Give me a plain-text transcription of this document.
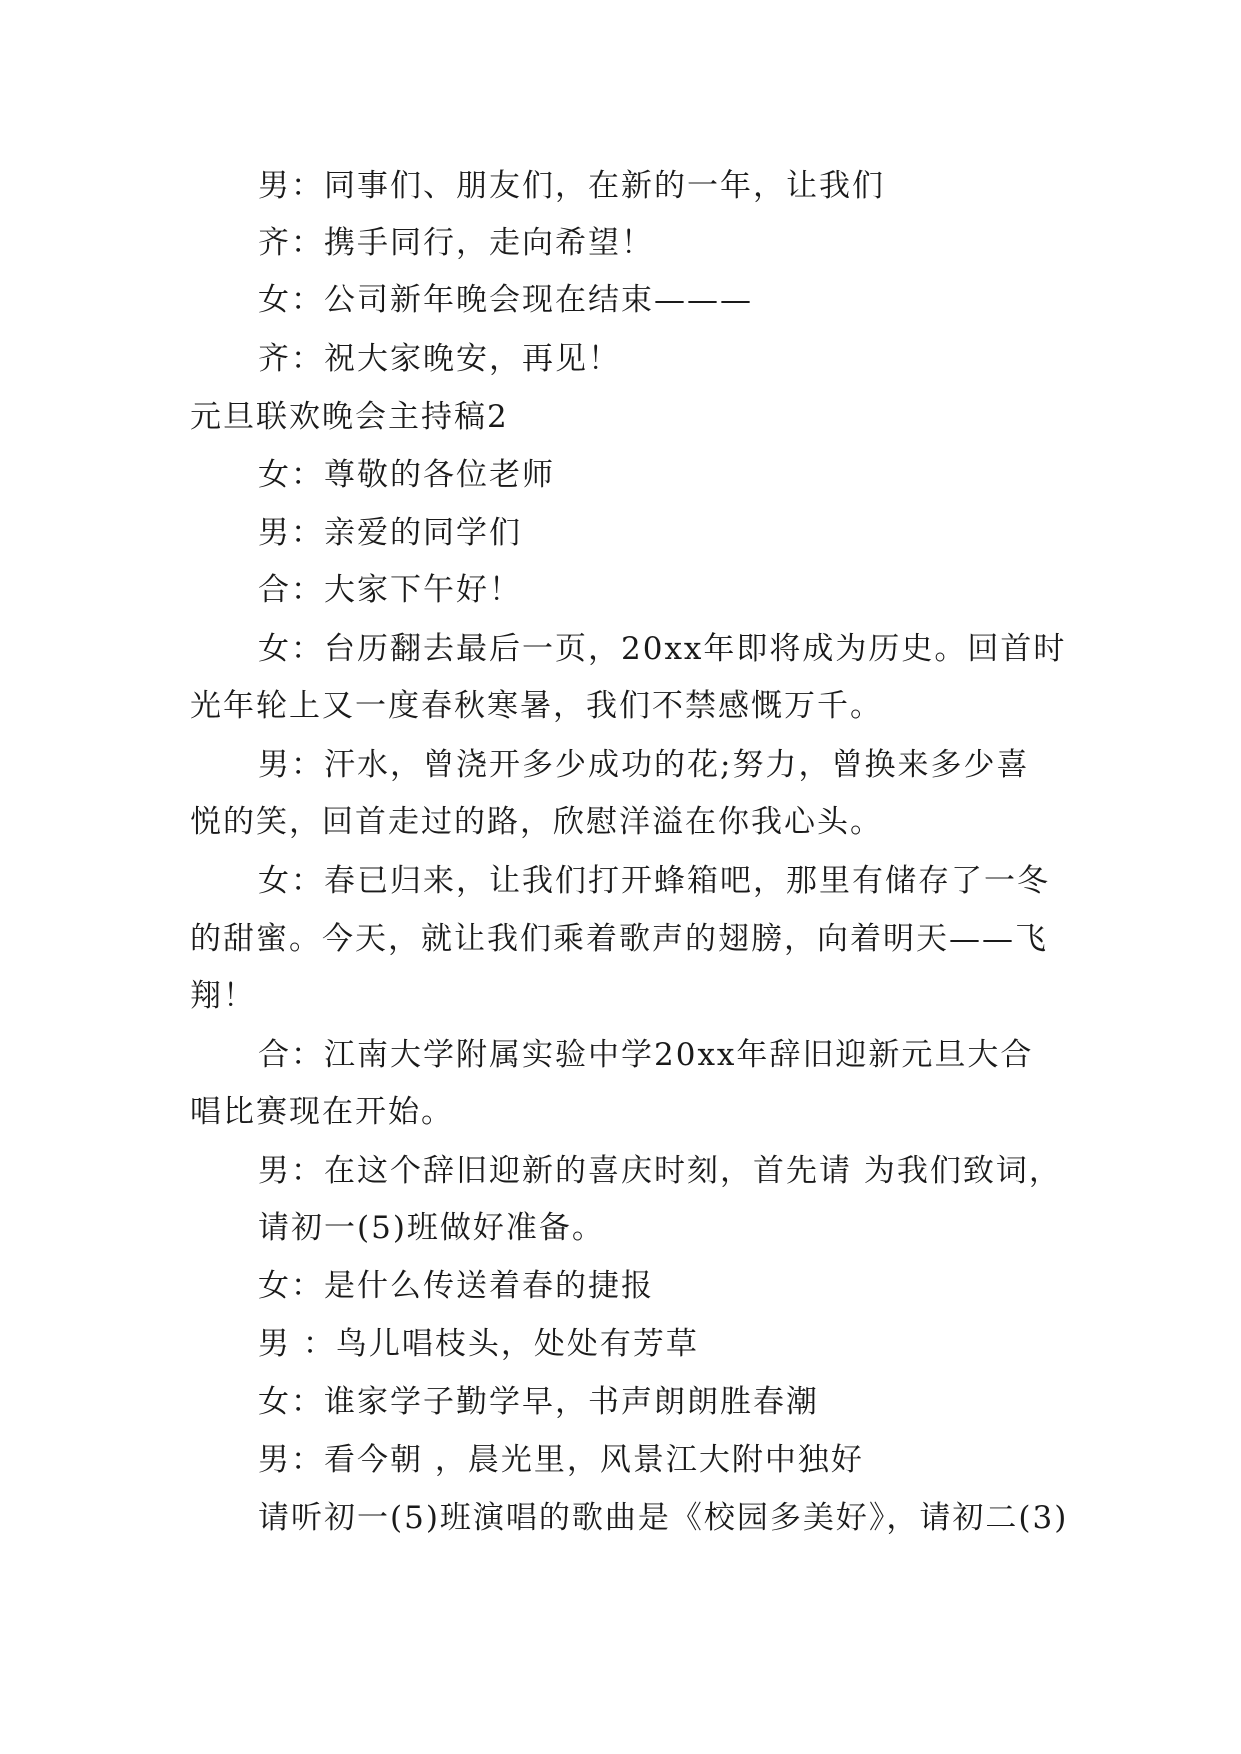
男：同事们、朋友们，在新的一年，让我们
齐：携手同行，走向希望！
女：公司新年晚会现在结束———
齐：祝大家晚安，再见！
元旦联欢晚会主持稿2
女：尊敬的各位老师
男：亲爱的同学们
合：大家下午好！
女：台历翻去最后一页，20xx年即将成为历史。回首时
光年轮上又一度春秋寒暑，我们不禁感慨万千。
男：汗水，曾浇开多少成功的花;努力，曾换来多少喜
悦的笑，回首走过的路，欣慰洋溢在你我心头。
女：春已归来，让我们打开蜂箱吧，那里有储存了一冬
的甜蜜。今天，就让我们乘着歌声的翅膀，向着明天——飞
翔！
合：江南大学附属实验中学20xx年辞旧迎新元旦大合
唱比赛现在开始。
男：在这个辞旧迎新的喜庆时刻，首先请 为我们致词，
请初一(5)班做好准备。
女：是什么传送着春的捷报
男 ：鸟儿唱枝头，处处有芳草
女：谁家学子勤学早，书声朗朗胜春潮
男：看今朝 ，晨光里，风景江大附中独好
请听初一(5)班演唱的歌曲是《校园多美好》，请初二(3)
